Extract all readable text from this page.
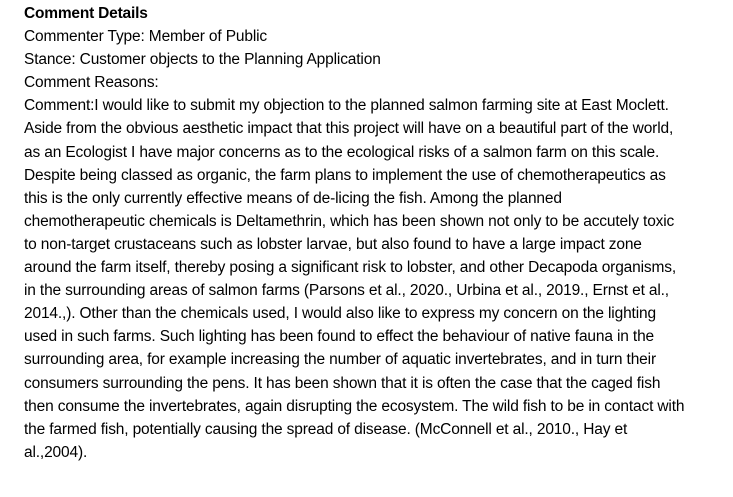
Comment Details
Commenter Type: Member of Public
Stance: Customer objects to the Planning Application
Comment Reasons:
Comment:I would like to submit my objection to the planned salmon farming site at East Moclett.
Aside from the obvious aesthetic impact that this project will have on a beautiful part of the world,
as an Ecologist I have major concerns as to the ecological risks of a salmon farm on this scale.
Despite being classed as organic, the farm plans to implement the use of chemotherapeutics as
this is the only currently effective means of de-licing the fish. Among the planned
chemotherapeutic chemicals is Deltamethrin, which has been shown not only to be accutely toxic
to non-target crustaceans such as lobster larvae, but also found to have a large impact zone
around the farm itself, thereby posing a significant risk to lobster, and other Decapoda organisms,
in the surrounding areas of salmon farms (Parsons et al., 2020., Urbina et al., 2019., Ernst et al.,
2014.,). Other than the chemicals used, I would also like to express my concern on the lighting
used in such farms. Such lighting has been found to effect the behaviour of native fauna in the
surrounding area, for example increasing the number of aquatic invertebrates, and in turn their
consumers surrounding the pens. It has been shown that it is often the case that the caged fish
then consume the invertebrates, again disrupting the ecosystem. The wild fish to be in contact with
the farmed fish, potentially causing the spread of disease. (McConnell et al., 2010., Hay et
al.,2004).
